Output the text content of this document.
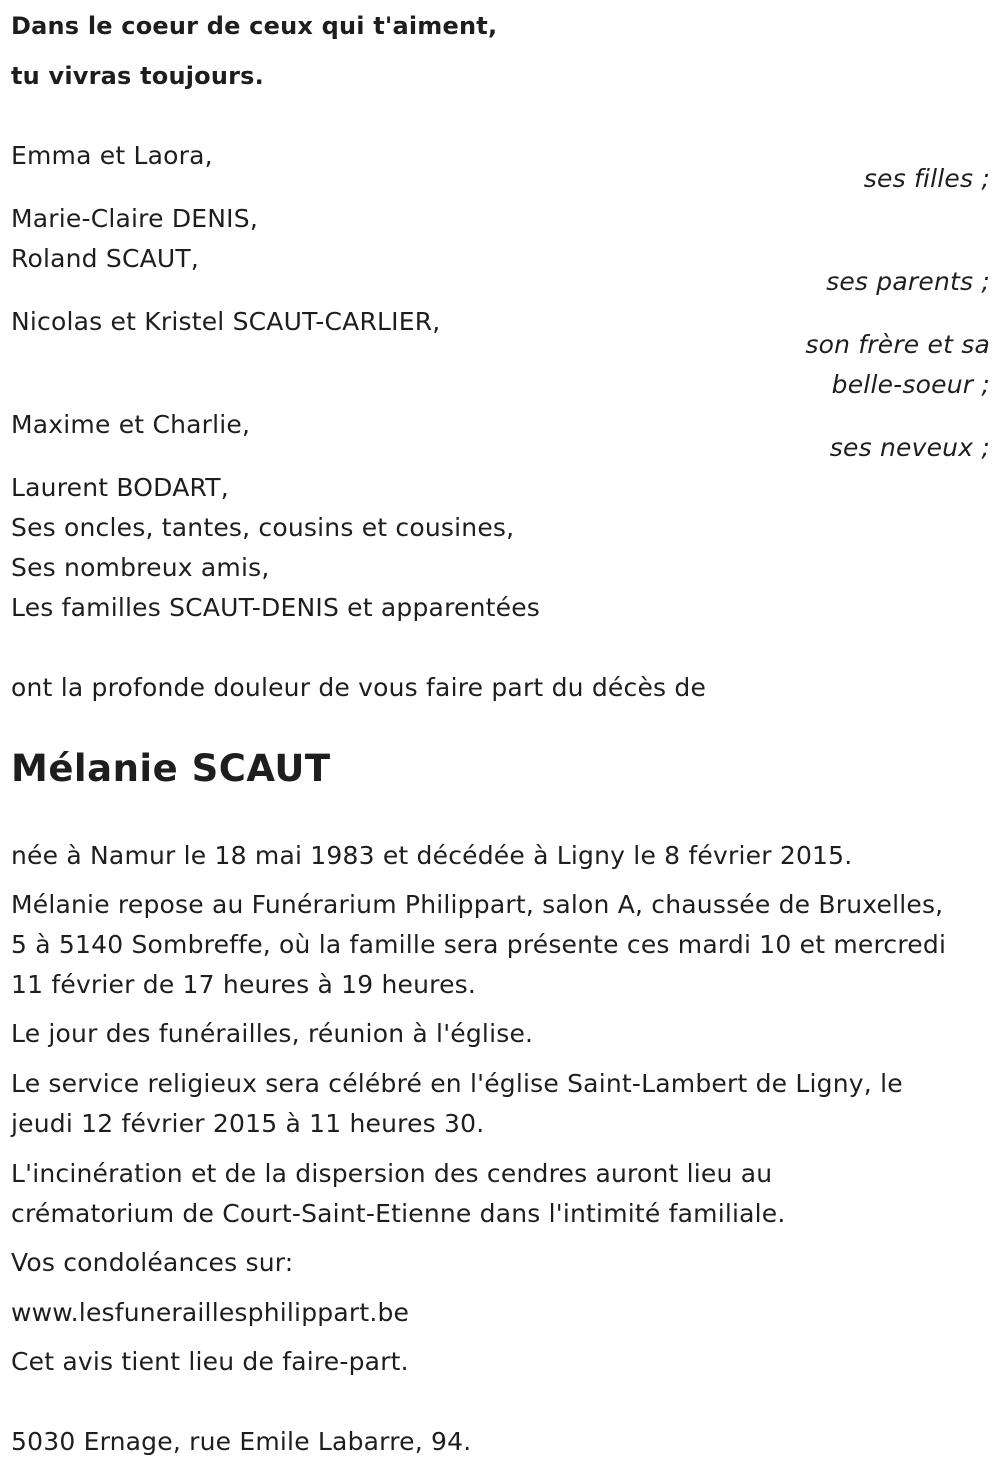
Dans le coeur de ceux qui t'aiment,
tu vivras toujours.
Emma et Laora,
ses filles ;
Marie-Claire DENIS,
Roland SCAUT,
ses parents ;
Nicolas et Kristel SCAUT-CARLIER,
son frère et sa
belle-soeur ;
Maxime et Charlie,
ses neveux ;
Laurent BODART,
Ses oncles, tantes, cousins et cousines,
Ses nombreux amis,
Les familles SCAUT-DENIS et apparentées
ont la profonde douleur de vous faire part du décès de
Mélanie SCAUT
née à Namur le 18 mai 1983 et décédée à Ligny le 8 février 2015.
Mélanie repose au Funérarium Philippart, salon A, chaussée de Bruxelles,
5 à 5140 Sombreffe, où la famille sera présente ces mardi 10 et mercredi
11 février de 17 heures à 19 heures.
Le jour des funérailles, réunion à l'église.
Le service religieux sera célébré en l'église Saint-Lambert de Ligny, le
jeudi 12 février 2015 à 11 heures 30.
L'incinération et de la dispersion des cendres auront lieu au
crématorium de Court-Saint-Etienne dans l'intimité familiale.
Vos condoléances sur:
www.lesfuneraillesphilippart.be
Cet avis tient lieu de faire-part.
5030 Ernage, rue Emile Labarre, 94.
